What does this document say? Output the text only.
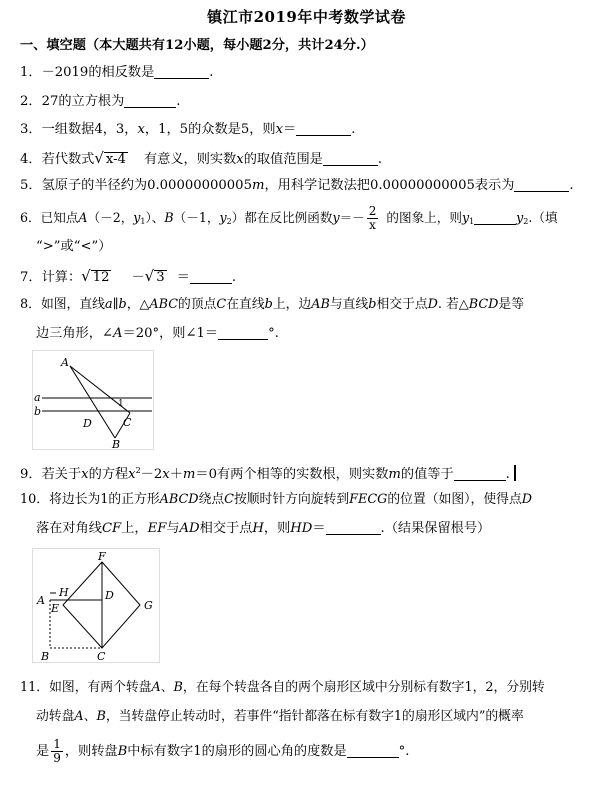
镇江市2019年中考数学试卷
一、填空题（本大题共有12小题，每小题2分，共计24分.）
1．－2019的相反数是	.
2．27的立方根为	.
3．一组数据4，3，x，1，5的众数是5，则x＝	.
4．若代数式√ x-4 有意义，则实数x的取值范围是	.
5．氢原子的半径约为0.00000000005m，用科学记数法把0.00000000005表示为	.
6．已知点A（－2，$y_1$）、B（－1，$y_2$）都在反比例函数$y=- \frac{2}{x}$ 的图象上，则$y_1$	$y_2$.（填
“>”或“<”）
7．计算：√ 12 －√ 3 ＝	.
8．如图，直线a∥b，△ABC的顶点C在直线b上，边AB与直线b相交于点D. 若△BCD是等
边三角形，∠A＝20°，则∠1＝	°.
A
a
b
1
D	C
B
9．若关于x的方程$x^2-2x+m=0$有两个相等的实数根，则实数m的值等于	.
10．将边长为1的正方形ABCD绕点C按顺时针方向旋转到FECG的位置（如图），使得点D
落在对角线CF上，EF与AD相交于点H，则HD＝	.（结果保留根号）
F
H	D
A
E	G
B	C
11．如图，有两个转盘A、B，在每个转盘各自的两个扇形区域中分别标有数字1，2，分别转
动转盘A、B，当转盘停止转动时，若事件“指针都落在标有数字1的扇形区域内”的概率
是 $\frac{1}{9}$ ，则转盘B中标有数字1的扇形的圆心角的度数是	°.
